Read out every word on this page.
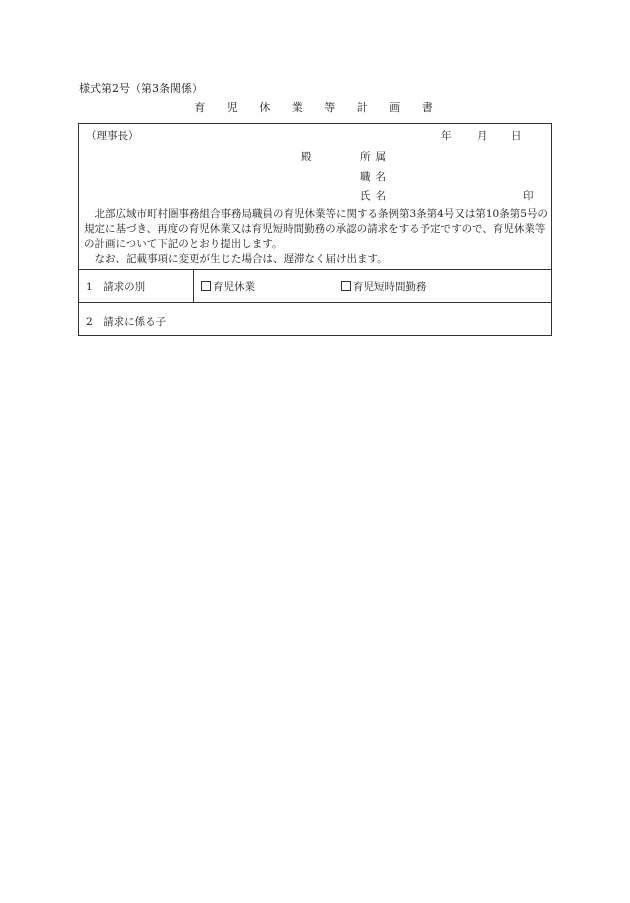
様式第2号（第3条関係）
育 児 休 業 等 計 画 書
（理事長）	年 月 日
殿	所属
職名
氏名	印

北部広域市町村圏事務組合事務局職員の育児休業等に関する条例第3条第4号又は第10条第5号の規定に基づき、再度の育児休業又は育児短時間勤務の承認の請求をする予定ですので、育児休業等の計画について下記のとおり提出します。

なお、記載事項に変更が生じた場合は、遅滞なく届け出ます。

1　請求の別	育児休業	育児短時間勤務
2　請求に係る子
